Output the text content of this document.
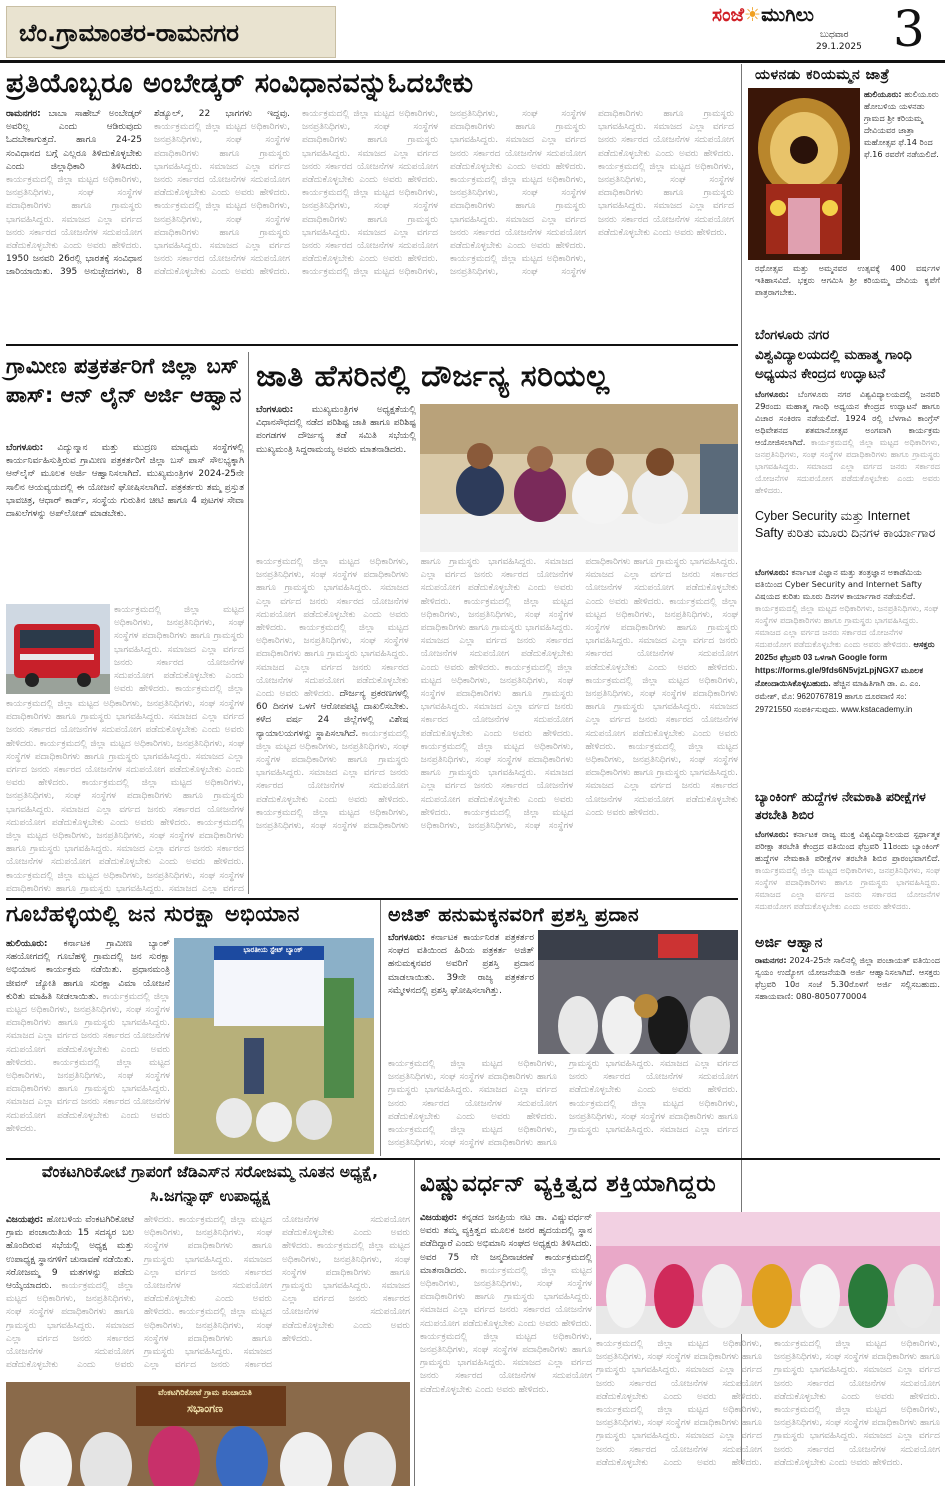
ಬೆಂ.ಗ್ರಾಮಾಂತರ-ರಾಮನಗರ
ಸಂಜೆ☀ಮುಗಿಲು
ಬುಧವಾರ
29.1.2025 3
ಪ್ರತಿಯೊಬ್ಬರೂ ಅಂಬೇಡ್ಕರ್ ಸಂವಿಧಾನವನ್ನುಓದಬೇಕು
ರಾಮನಗರ: ಬಾಬಾ ಸಾಹೇಬ್ ಅಂಬೇಡ್ಕರ್ ಅವರಿಲ್ಲ ಎಂದು ಆಡಿರುವುದು ಓದಬೇಕಾಗುತ್ತದೆ. ಹಾಗೂ 24-25 ಸಂವಿಧಾನದ ಬಗ್ಗೆ ಎಲ್ಲರೂ ತಿಳಿದುಕೊಳ್ಳಬೇಕು ಎಂದು ಜಿಲ್ಲಾಧಿಕಾರಿ ತಿಳಿಸಿದರು. ಕಾರ್ಯಕ್ರಮದಲ್ಲಿ ಜಿಲ್ಲಾ ಮಟ್ಟದ ಅಧಿಕಾರಿಗಳು, ಜನಪ್ರತಿನಿಧಿಗಳು, ಸಂಘ ಸಂಸ್ಥೆಗಳ ಪದಾಧಿಕಾರಿಗಳು ಹಾಗೂ ಗ್ರಾಮಸ್ಥರು ಭಾಗವಹಿಸಿದ್ದರು. ಸಮಾಜದ ಎಲ್ಲಾ ವರ್ಗದ ಜನರು ಸರ್ಕಾರದ ಯೋಜನೆಗಳ ಸದುಪಯೋಗ ಪಡೆದುಕೊಳ್ಳಬೇಕು ಎಂದು ಅವರು ಹೇಳಿದರು. 1950 ಜನವರಿ 26ರಲ್ಲಿ ಭಾರತಕ್ಕೆ ಸಂವಿಧಾನ ಜಾರಿಯಾಯಿತು. 395 ಅನುಚ್ಛೇದಗಳು, 8 ಶೆಡ್ಯೂಲ್, 22 ಭಾಗಗಳು ಇದ್ದವು. ಕಾರ್ಯಕ್ರಮದಲ್ಲಿ ಜಿಲ್ಲಾ ಮಟ್ಟದ ಅಧಿಕಾರಿಗಳು, ಜನಪ್ರತಿನಿಧಿಗಳು, ಸಂಘ ಸಂಸ್ಥೆಗಳ ಪದಾಧಿಕಾರಿಗಳು ಹಾಗೂ ಗ್ರಾಮಸ್ಥರು ಭಾಗವಹಿಸಿದ್ದರು. ಸಮಾಜದ ಎಲ್ಲಾ ವರ್ಗದ ಜನರು ಸರ್ಕಾರದ ಯೋಜನೆಗಳ ಸದುಪಯೋಗ ಪಡೆದುಕೊಳ್ಳಬೇಕು ಎಂದು ಅವರು ಹೇಳಿದರು. ಕಾರ್ಯಕ್ರಮದಲ್ಲಿ ಜಿಲ್ಲಾ ಮಟ್ಟದ ಅಧಿಕಾರಿಗಳು, ಜನಪ್ರತಿನಿಧಿಗಳು, ಸಂಘ ಸಂಸ್ಥೆಗಳ ಪದಾಧಿಕಾರಿಗಳು ಹಾಗೂ ಗ್ರಾಮಸ್ಥರು ಭಾಗವಹಿಸಿದ್ದರು. ಸಮಾಜದ ಎಲ್ಲಾ ವರ್ಗದ ಜನರು ಸರ್ಕಾರದ ಯೋಜನೆಗಳ ಸದುಪಯೋಗ ಪಡೆದುಕೊಳ್ಳಬೇಕು ಎಂದು ಅವರು ಹೇಳಿದರು. ಕಾರ್ಯಕ್ರಮದಲ್ಲಿ ಜಿಲ್ಲಾ ಮಟ್ಟದ ಅಧಿಕಾರಿಗಳು, ಜನಪ್ರತಿನಿಧಿಗಳು, ಸಂಘ ಸಂಸ್ಥೆಗಳ ಪದಾಧಿಕಾರಿಗಳು ಹಾಗೂ ಗ್ರಾಮಸ್ಥರು ಭಾಗವಹಿಸಿದ್ದರು. ಸಮಾಜದ ಎಲ್ಲಾ ವರ್ಗದ ಜನರು ಸರ್ಕಾರದ ಯೋಜನೆಗಳ ಸದುಪಯೋಗ ಪಡೆದುಕೊಳ್ಳಬೇಕು ಎಂದು ಅವರು ಹೇಳಿದರು. ಕಾರ್ಯಕ್ರಮದಲ್ಲಿ ಜಿಲ್ಲಾ ಮಟ್ಟದ ಅಧಿಕಾರಿಗಳು, ಜನಪ್ರತಿನಿಧಿಗಳು, ಸಂಘ ಸಂಸ್ಥೆಗಳ ಪದಾಧಿಕಾರಿಗಳು ಹಾಗೂ ಗ್ರಾಮಸ್ಥರು ಭಾಗವಹಿಸಿದ್ದರು. ಸಮಾಜದ ಎಲ್ಲಾ ವರ್ಗದ ಜನರು ಸರ್ಕಾರದ ಯೋಜನೆಗಳ ಸದುಪಯೋಗ ಪಡೆದುಕೊಳ್ಳಬೇಕು ಎಂದು ಅವರು ಹೇಳಿದರು. ಕಾರ್ಯಕ್ರಮದಲ್ಲಿ ಜಿಲ್ಲಾ ಮಟ್ಟದ ಅಧಿಕಾರಿಗಳು, ಜನಪ್ರತಿನಿಧಿಗಳು, ಸಂಘ ಸಂಸ್ಥೆಗಳ ಪದಾಧಿಕಾರಿಗಳು ಹಾಗೂ ಗ್ರಾಮಸ್ಥರು ಭಾಗವಹಿಸಿದ್ದರು. ಸಮಾಜದ ಎಲ್ಲಾ ವರ್ಗದ ಜನರು ಸರ್ಕಾರದ ಯೋಜನೆಗಳ ಸದುಪಯೋಗ ಪಡೆದುಕೊಳ್ಳಬೇಕು ಎಂದು ಅವರು ಹೇಳಿದರು. ಕಾರ್ಯಕ್ರಮದಲ್ಲಿ ಜಿಲ್ಲಾ ಮಟ್ಟದ ಅಧಿಕಾರಿಗಳು, ಜನಪ್ರತಿನಿಧಿಗಳು, ಸಂಘ ಸಂಸ್ಥೆಗಳ ಪದಾಧಿಕಾರಿಗಳು ಹಾಗೂ ಗ್ರಾಮಸ್ಥರು ಭಾಗವಹಿಸಿದ್ದರು. ಸಮಾಜದ ಎಲ್ಲಾ ವರ್ಗದ ಜನರು ಸರ್ಕಾರದ ಯೋಜನೆಗಳ ಸದುಪಯೋಗ ಪಡೆದುಕೊಳ್ಳಬೇಕು ಎಂದು ಅವರು ಹೇಳಿದರು. ಕಾರ್ಯಕ್ರಮದಲ್ಲಿ ಜಿಲ್ಲಾ ಮಟ್ಟದ ಅಧಿಕಾರಿಗಳು, ಜನಪ್ರತಿನಿಧಿಗಳು, ಸಂಘ ಸಂಸ್ಥೆಗಳ ಪದಾಧಿಕಾರಿಗಳು ಹಾಗೂ ಗ್ರಾಮಸ್ಥರು ಭಾಗವಹಿಸಿದ್ದರು. ಸಮಾಜದ ಎಲ್ಲಾ ವರ್ಗದ ಜನರು ಸರ್ಕಾರದ ಯೋಜನೆಗಳ ಸದುಪಯೋಗ ಪಡೆದುಕೊಳ್ಳಬೇಕು ಎಂದು ಅವರು ಹೇಳಿದರು. ಕಾರ್ಯಕ್ರಮದಲ್ಲಿ ಜಿಲ್ಲಾ ಮಟ್ಟದ ಅಧಿಕಾರಿಗಳು, ಜನಪ್ರತಿನಿಧಿಗಳು, ಸಂಘ ಸಂಸ್ಥೆಗಳ ಪದಾಧಿಕಾರಿಗಳು ಹಾಗೂ ಗ್ರಾಮಸ್ಥರು ಭಾಗವಹಿಸಿದ್ದರು. ಸಮಾಜದ ಎಲ್ಲಾ ವರ್ಗದ ಜನರು ಸರ್ಕಾರದ ಯೋಜನೆಗಳ ಸದುಪಯೋಗ ಪಡೆದುಕೊಳ್ಳಬೇಕು ಎಂದು ಅವರು ಹೇಳಿದರು.
ಯಳನಡು ಕರಿಯಮ್ಮನ ಜಾತ್ರೆ
ಹುಲಿಯೂರು: ಹುಲಿಯೂರು ಹೋಬಳಿಯ ಯಳನಡು ಗ್ರಾಮದ ಶ್ರೀ ಕರಿಯಮ್ಮ ದೇವಿಯವರ ಜಾತ್ರಾ ಮಹೋತ್ಸವ ಫೆ.14 ರಿಂದ ಫೆ.16 ರವರೆಗೆ ನಡೆಯಲಿದೆ.
ರಥೋತ್ಸವ ಮತ್ತು ಅಮ್ಮನವರ ಉತ್ಸವಕ್ಕೆ 400 ವರ್ಷಗಳ ಇತಿಹಾಸವಿದೆ. ಭಕ್ತರು ಆಗಮಿಸಿ ಶ್ರೀ ಕರಿಯಮ್ಮ ದೇವಿಯ ಕೃಪೆಗೆ ಪಾತ್ರರಾಗಬೇಕು.
ಬೆಂಗಳೂರು ನಗರ
ವಿಶ್ವವಿದ್ಯಾಲಯದಲ್ಲಿ ಮಹಾತ್ಮ ಗಾಂಧಿ ಅಧ್ಯಯನ ಕೇಂದ್ರದ ಉದ್ಘಾಟನೆ
ಬೆಂಗಳೂರು: ಬೆಂಗಳೂರು ನಗರ ವಿಶ್ವವಿದ್ಯಾಲಯದಲ್ಲಿ ಜನವರಿ 29ರಂದು ಮಹಾತ್ಮ ಗಾಂಧಿ ಅಧ್ಯಯನ ಕೇಂದ್ರದ ಉದ್ಘಾಟನೆ ಹಾಗೂ ವಿಚಾರ ಸಂಕಿರಣ ನಡೆಯಲಿದೆ. 1924 ರಲ್ಲಿ ಬೆಳಗಾವಿ ಕಾಂಗ್ರೆಸ್ ಅಧಿವೇಶನದ ಶತಮಾನೋತ್ಸವ ಅಂಗವಾಗಿ ಕಾರ್ಯಕ್ರಮ ಆಯೋಜಿಸಲಾಗಿದೆ. ಕಾರ್ಯಕ್ರಮದಲ್ಲಿ ಜಿಲ್ಲಾ ಮಟ್ಟದ ಅಧಿಕಾರಿಗಳು, ಜನಪ್ರತಿನಿಧಿಗಳು, ಸಂಘ ಸಂಸ್ಥೆಗಳ ಪದಾಧಿಕಾರಿಗಳು ಹಾಗೂ ಗ್ರಾಮಸ್ಥರು ಭಾಗವಹಿಸಿದ್ದರು. ಸಮಾಜದ ಎಲ್ಲಾ ವರ್ಗದ ಜನರು ಸರ್ಕಾರದ ಯೋಜನೆಗಳ ಸದುಪಯೋಗ ಪಡೆದುಕೊಳ್ಳಬೇಕು ಎಂದು ಅವರು ಹೇಳಿದರು.
Cyber Security ಮತ್ತು Internet Safty ಕುರಿತು ಮೂರು ದಿನಗಳ ಕಾರ್ಯಾಗಾರ
ಬೆಂಗಳೂರು: ಕರ್ನಾಟಕ ವಿಜ್ಞಾನ ಮತ್ತು ತಂತ್ರಜ್ಞಾನ ಅಕಾಡೆಮಿಯ ವತಿಯಿಂದ Cyber Security and Internet Safty ವಿಷಯದ ಕುರಿತು ಮೂರು ದಿನಗಳ ಕಾರ್ಯಾಗಾರ ನಡೆಯಲಿದೆ. ಕಾರ್ಯಕ್ರಮದಲ್ಲಿ ಜಿಲ್ಲಾ ಮಟ್ಟದ ಅಧಿಕಾರಿಗಳು, ಜನಪ್ರತಿನಿಧಿಗಳು, ಸಂಘ ಸಂಸ್ಥೆಗಳ ಪದಾಧಿಕಾರಿಗಳು ಹಾಗೂ ಗ್ರಾಮಸ್ಥರು ಭಾಗವಹಿಸಿದ್ದರು. ಸಮಾಜದ ಎಲ್ಲಾ ವರ್ಗದ ಜನರು ಸರ್ಕಾರದ ಯೋಜನೆಗಳ ಸದುಪಯೋಗ ಪಡೆದುಕೊಳ್ಳಬೇಕು ಎಂದು ಅವರು ಹೇಳಿದರು. ಆಸಕ್ತರು 2025ರ ಫೆಬ್ರವರಿ 03 ಒಳಗಾಗಿ Google form https://forms.gle/9fds6N5vjzLpjNGX7 ಮೂಲಕ ನೋಂದಾಯಿಸಿಕೊಳ್ಳಬಹುದು. ಹೆಚ್ಚಿನ ಮಾಹಿತಿಗಾಗಿ ಡಾ. ಎ. ಎಂ. ರಮೇಶ್, ಮೊ: 9620767819 ಹಾಗೂ ದೂರವಾಣಿ ಸಂ: 29721550 ಸಂಪರ್ಕಿಸುವುದು. www.kstacademy.in
ಬ್ಯಾಂಕಿಂಗ್ ಹುದ್ದೆಗಳ ನೇಮಕಾತಿ ಪರೀಕ್ಷೆಗಳ ತರಬೇತಿ ಶಿಬಿರ
ಬೆಂಗಳೂರು: ಕರ್ನಾಟಕ ರಾಜ್ಯ ಮುಕ್ತ ವಿಶ್ವವಿದ್ಯಾನಿಲಯದ ಸ್ಪರ್ಧಾತ್ಮಕ ಪರೀಕ್ಷಾ ತರಬೇತಿ ಕೇಂದ್ರದ ವತಿಯಿಂದ ಫೆಬ್ರವರಿ 11ರಂದು ಬ್ಯಾಂಕಿಂಗ್ ಹುದ್ದೆಗಳ ನೇಮಕಾತಿ ಪರೀಕ್ಷೆಗಳ ತರಬೇತಿ ಶಿಬಿರ ಪ್ರಾರಂಭವಾಗಲಿದೆ. ಕಾರ್ಯಕ್ರಮದಲ್ಲಿ ಜಿಲ್ಲಾ ಮಟ್ಟದ ಅಧಿಕಾರಿಗಳು, ಜನಪ್ರತಿನಿಧಿಗಳು, ಸಂಘ ಸಂಸ್ಥೆಗಳ ಪದಾಧಿಕಾರಿಗಳು ಹಾಗೂ ಗ್ರಾಮಸ್ಥರು ಭಾಗವಹಿಸಿದ್ದರು. ಸಮಾಜದ ಎಲ್ಲಾ ವರ್ಗದ ಜನರು ಸರ್ಕಾರದ ಯೋಜನೆಗಳ ಸದುಪಯೋಗ ಪಡೆದುಕೊಳ್ಳಬೇಕು ಎಂದು ಅವರು ಹೇಳಿದರು.
ಅರ್ಜಿ ಆಹ್ವಾನ
ರಾಮನಗರ: 2024-25ನೇ ಸಾಲಿನಲ್ಲಿ ಜಿಲ್ಲಾ ಪಂಚಾಯತ್ ವತಿಯಿಂದ ಸ್ವಯಂ ಉದ್ಯೋಗ ಯೋಜನೆಯಡಿ ಅರ್ಜಿ ಆಹ್ವಾನಿಸಲಾಗಿದೆ. ಆಸಕ್ತರು ಫೆಬ್ರವರಿ 10ರ ಸಂಜೆ 5.30ರೊಳಗೆ ಅರ್ಜಿ ಸಲ್ಲಿಸಬಹುದು. ಸಹಾಯವಾಣಿ: 080-8050770004
ಗ್ರಾಮೀಣ ಪತ್ರಕರ್ತರಿಗೆ ಜಿಲ್ಲಾ ಬಸ್ ಪಾಸ್: ಆನ್ ಲೈನ್ ಅರ್ಜಿ ಆಹ್ವಾನ
ಬೆಂಗಳೂರು: ವಿದ್ಯುನ್ಮಾನ ಮತ್ತು ಮುದ್ರಣ ಮಾಧ್ಯಮ ಸಂಸ್ಥೆಗಳಲ್ಲಿ ಕಾರ್ಯನಿರ್ವಹಿಸುತ್ತಿರುವ ಗ್ರಾಮೀಣ ಪತ್ರಕರ್ತರಿಗೆ ಜಿಲ್ಲಾ ಬಸ್ ಪಾಸ್ ಸೌಲಭ್ಯಕ್ಕಾಗಿ ಆನ್‌ಲೈನ್ ಮೂಲಕ ಅರ್ಜಿ ಆಹ್ವಾನಿಸಲಾಗಿದೆ. ಮುಖ್ಯಮಂತ್ರಿಗಳ 2024-25ನೇ ಸಾಲಿನ ಆಯವ್ಯಯದಲ್ಲಿ ಈ ಯೋಜನೆ ಘೋಷಿಸಲಾಗಿದೆ. ಪತ್ರಕರ್ತರು ತಮ್ಮ ಪ್ರಸ್ತುತ ಭಾವಚಿತ್ರ, ಆಧಾರ್ ಕಾರ್ಡ್, ಸಂಸ್ಥೆಯ ಗುರುತಿನ ಚೀಟಿ ಹಾಗೂ 4 ಪುಟಗಳ ಸೇವಾ ದಾಖಲೆಗಳನ್ನು ಅಪ್‌ಲೋಡ್ ಮಾಡಬೇಕು.
ಕಾರ್ಯಕ್ರಮದಲ್ಲಿ ಜಿಲ್ಲಾ ಮಟ್ಟದ ಅಧಿಕಾರಿಗಳು, ಜನಪ್ರತಿನಿಧಿಗಳು, ಸಂಘ ಸಂಸ್ಥೆಗಳ ಪದಾಧಿಕಾರಿಗಳು ಹಾಗೂ ಗ್ರಾಮಸ್ಥರು ಭಾಗವಹಿಸಿದ್ದರು. ಸಮಾಜದ ಎಲ್ಲಾ ವರ್ಗದ ಜನರು ಸರ್ಕಾರದ ಯೋಜನೆಗಳ ಸದುಪಯೋಗ ಪಡೆದುಕೊಳ್ಳಬೇಕು ಎಂದು ಅವರು ಹೇಳಿದರು. ಕಾರ್ಯಕ್ರಮದಲ್ಲಿ ಜಿಲ್ಲಾ
ಕಾರ್ಯಕ್ರಮದಲ್ಲಿ ಜಿಲ್ಲಾ ಮಟ್ಟದ ಅಧಿಕಾರಿಗಳು, ಜನಪ್ರತಿನಿಧಿಗಳು, ಸಂಘ ಸಂಸ್ಥೆಗಳ ಪದಾಧಿಕಾರಿಗಳು ಹಾಗೂ ಗ್ರಾಮಸ್ಥರು ಭಾಗವಹಿಸಿದ್ದರು. ಸಮಾಜದ ಎಲ್ಲಾ ವರ್ಗದ ಜನರು ಸರ್ಕಾರದ ಯೋಜನೆಗಳ ಸದುಪಯೋಗ ಪಡೆದುಕೊಳ್ಳಬೇಕು ಎಂದು ಅವರು ಹೇಳಿದರು. ಕಾರ್ಯಕ್ರಮದಲ್ಲಿ ಜಿಲ್ಲಾ ಮಟ್ಟದ ಅಧಿಕಾರಿಗಳು, ಜನಪ್ರತಿನಿಧಿಗಳು, ಸಂಘ ಸಂಸ್ಥೆಗಳ ಪದಾಧಿಕಾರಿಗಳು ಹಾಗೂ ಗ್ರಾಮಸ್ಥರು ಭಾಗವಹಿಸಿದ್ದರು. ಸಮಾಜದ ಎಲ್ಲಾ ವರ್ಗದ ಜನರು ಸರ್ಕಾರದ ಯೋಜನೆಗಳ ಸದುಪಯೋಗ ಪಡೆದುಕೊಳ್ಳಬೇಕು ಎಂದು ಅವರು ಹೇಳಿದರು. ಕಾರ್ಯಕ್ರಮದಲ್ಲಿ ಜಿಲ್ಲಾ ಮಟ್ಟದ ಅಧಿಕಾರಿಗಳು, ಜನಪ್ರತಿನಿಧಿಗಳು, ಸಂಘ ಸಂಸ್ಥೆಗಳ ಪದಾಧಿಕಾರಿಗಳು ಹಾಗೂ ಗ್ರಾಮಸ್ಥರು ಭಾಗವಹಿಸಿದ್ದರು. ಸಮಾಜದ ಎಲ್ಲಾ ವರ್ಗದ ಜನರು ಸರ್ಕಾರದ ಯೋಜನೆಗಳ ಸದುಪಯೋಗ ಪಡೆದುಕೊಳ್ಳಬೇಕು ಎಂದು ಅವರು ಹೇಳಿದರು. ಕಾರ್ಯಕ್ರಮದಲ್ಲಿ ಜಿಲ್ಲಾ ಮಟ್ಟದ ಅಧಿಕಾರಿಗಳು, ಜನಪ್ರತಿನಿಧಿಗಳು, ಸಂಘ ಸಂಸ್ಥೆಗಳ ಪದಾಧಿಕಾರಿಗಳು ಹಾಗೂ ಗ್ರಾಮಸ್ಥರು ಭಾಗವಹಿಸಿದ್ದರು. ಸಮಾಜದ ಎಲ್ಲಾ ವರ್ಗದ ಜನರು ಸರ್ಕಾರದ ಯೋಜನೆಗಳ ಸದುಪಯೋಗ ಪಡೆದುಕೊಳ್ಳಬೇಕು ಎಂದು ಅವರು ಹೇಳಿದರು. ಕಾರ್ಯಕ್ರಮದಲ್ಲಿ ಜಿಲ್ಲಾ ಮಟ್ಟದ ಅಧಿಕಾರಿಗಳು, ಜನಪ್ರತಿನಿಧಿಗಳು, ಸಂಘ ಸಂಸ್ಥೆಗಳ ಪದಾಧಿಕಾರಿಗಳು ಹಾಗೂ ಗ್ರಾಮಸ್ಥರು ಭಾಗವಹಿಸಿದ್ದರು. ಸಮಾಜದ ಎಲ್ಲಾ ವರ್ಗದ
ಜಾತಿ ಹೆಸರಿನಲ್ಲಿ ದೌರ್ಜನ್ಯ ಸರಿಯಲ್ಲ
ಬೆಂಗಳೂರು: ಮುಖ್ಯಮಂತ್ರಿಗಳ ಅಧ್ಯಕ್ಷತೆಯಲ್ಲಿ ವಿಧಾನಸೌಧದಲ್ಲಿ ನಡೆದ ಪರಿಶಿಷ್ಟ ಜಾತಿ ಹಾಗೂ ಪರಿಶಿಷ್ಟ ಪಂಗಡಗಳ ದೌರ್ಜನ್ಯ ತಡೆ ಸಮಿತಿ ಸಭೆಯಲ್ಲಿ ಮುಖ್ಯಮಂತ್ರಿ ಸಿದ್ದರಾಮಯ್ಯ ಅವರು ಮಾತನಾಡಿದರು.
ಕಾರ್ಯಕ್ರಮದಲ್ಲಿ ಜಿಲ್ಲಾ ಮಟ್ಟದ ಅಧಿಕಾರಿಗಳು, ಜನಪ್ರತಿನಿಧಿಗಳು, ಸಂಘ ಸಂಸ್ಥೆಗಳ ಪದಾಧಿಕಾರಿಗಳು ಹಾಗೂ ಗ್ರಾಮಸ್ಥರು ಭಾಗವಹಿಸಿದ್ದರು. ಸಮಾಜದ ಎಲ್ಲಾ ವರ್ಗದ ಜನರು ಸರ್ಕಾರದ ಯೋಜನೆಗಳ ಸದುಪಯೋಗ ಪಡೆದುಕೊಳ್ಳಬೇಕು ಎಂದು ಅವರು ಹೇಳಿದರು. ಕಾರ್ಯಕ್ರಮದಲ್ಲಿ ಜಿಲ್ಲಾ ಮಟ್ಟದ ಅಧಿಕಾರಿಗಳು, ಜನಪ್ರತಿನಿಧಿಗಳು, ಸಂಘ ಸಂಸ್ಥೆಗಳ ಪದಾಧಿಕಾರಿಗಳು ಹಾಗೂ ಗ್ರಾಮಸ್ಥರು ಭಾಗವಹಿಸಿದ್ದರು. ಸಮಾಜದ ಎಲ್ಲಾ ವರ್ಗದ ಜನರು ಸರ್ಕಾರದ ಯೋಜನೆಗಳ ಸದುಪಯೋಗ ಪಡೆದುಕೊಳ್ಳಬೇಕು ಎಂದು ಅವರು ಹೇಳಿದರು. ದೌರ್ಜನ್ಯ ಪ್ರಕರಣಗಳಲ್ಲಿ 60 ದಿನಗಳ ಒಳಗೆ ಆರೋಪಪಟ್ಟಿ ದಾಖಲಿಸಬೇಕು. ಕಳೆದ ವರ್ಷ 24 ಜಿಲ್ಲೆಗಳಲ್ಲಿ ವಿಶೇಷ ನ್ಯಾಯಾಲಯಗಳನ್ನು ಸ್ಥಾಪಿಸಲಾಗಿದೆ. ಕಾರ್ಯಕ್ರಮದಲ್ಲಿ ಜಿಲ್ಲಾ ಮಟ್ಟದ ಅಧಿಕಾರಿಗಳು, ಜನಪ್ರತಿನಿಧಿಗಳು, ಸಂಘ ಸಂಸ್ಥೆಗಳ ಪದಾಧಿಕಾರಿಗಳು ಹಾಗೂ ಗ್ರಾಮಸ್ಥರು ಭಾಗವಹಿಸಿದ್ದರು. ಸಮಾಜದ ಎಲ್ಲಾ ವರ್ಗದ ಜನರು ಸರ್ಕಾರದ ಯೋಜನೆಗಳ ಸದುಪಯೋಗ ಪಡೆದುಕೊಳ್ಳಬೇಕು ಎಂದು ಅವರು ಹೇಳಿದರು. ಕಾರ್ಯಕ್ರಮದಲ್ಲಿ ಜಿಲ್ಲಾ ಮಟ್ಟದ ಅಧಿಕಾರಿಗಳು, ಜನಪ್ರತಿನಿಧಿಗಳು, ಸಂಘ ಸಂಸ್ಥೆಗಳ ಪದಾಧಿಕಾರಿಗಳು ಹಾಗೂ ಗ್ರಾಮಸ್ಥರು ಭಾಗವಹಿಸಿದ್ದರು. ಸಮಾಜದ ಎಲ್ಲಾ ವರ್ಗದ ಜನರು ಸರ್ಕಾರದ ಯೋಜನೆಗಳ ಸದುಪಯೋಗ ಪಡೆದುಕೊಳ್ಳಬೇಕು ಎಂದು ಅವರು ಹೇಳಿದರು. ಕಾರ್ಯಕ್ರಮದಲ್ಲಿ ಜಿಲ್ಲಾ ಮಟ್ಟದ ಅಧಿಕಾರಿಗಳು, ಜನಪ್ರತಿನಿಧಿಗಳು, ಸಂಘ ಸಂಸ್ಥೆಗಳ ಪದಾಧಿಕಾರಿಗಳು ಹಾಗೂ ಗ್ರಾಮಸ್ಥರು ಭಾಗವಹಿಸಿದ್ದರು. ಸಮಾಜದ ಎಲ್ಲಾ ವರ್ಗದ ಜನರು ಸರ್ಕಾರದ ಯೋಜನೆಗಳ ಸದುಪಯೋಗ ಪಡೆದುಕೊಳ್ಳಬೇಕು ಎಂದು ಅವರು ಹೇಳಿದರು. ಕಾರ್ಯಕ್ರಮದಲ್ಲಿ ಜಿಲ್ಲಾ ಮಟ್ಟದ ಅಧಿಕಾರಿಗಳು, ಜನಪ್ರತಿನಿಧಿಗಳು, ಸಂಘ ಸಂಸ್ಥೆಗಳ ಪದಾಧಿಕಾರಿಗಳು ಹಾಗೂ ಗ್ರಾಮಸ್ಥರು ಭಾಗವಹಿಸಿದ್ದರು. ಸಮಾಜದ ಎಲ್ಲಾ ವರ್ಗದ ಜನರು ಸರ್ಕಾರದ ಯೋಜನೆಗಳ ಸದುಪಯೋಗ ಪಡೆದುಕೊಳ್ಳಬೇಕು ಎಂದು ಅವರು ಹೇಳಿದರು. ಕಾರ್ಯಕ್ರಮದಲ್ಲಿ ಜಿಲ್ಲಾ ಮಟ್ಟದ ಅಧಿಕಾರಿಗಳು, ಜನಪ್ರತಿನಿಧಿಗಳು, ಸಂಘ ಸಂಸ್ಥೆಗಳ ಪದಾಧಿಕಾರಿಗಳು ಹಾಗೂ ಗ್ರಾಮಸ್ಥರು ಭಾಗವಹಿಸಿದ್ದರು. ಸಮಾಜದ ಎಲ್ಲಾ ವರ್ಗದ ಜನರು ಸರ್ಕಾರದ ಯೋಜನೆಗಳ ಸದುಪಯೋಗ ಪಡೆದುಕೊಳ್ಳಬೇಕು ಎಂದು ಅವರು ಹೇಳಿದರು. ಕಾರ್ಯಕ್ರಮದಲ್ಲಿ ಜಿಲ್ಲಾ ಮಟ್ಟದ ಅಧಿಕಾರಿಗಳು, ಜನಪ್ರತಿನಿಧಿಗಳು, ಸಂಘ ಸಂಸ್ಥೆಗಳ ಪದಾಧಿಕಾರಿಗಳು ಹಾಗೂ ಗ್ರಾಮಸ್ಥರು ಭಾಗವಹಿಸಿದ್ದರು. ಸಮಾಜದ ಎಲ್ಲಾ ವರ್ಗದ ಜನರು ಸರ್ಕಾರದ ಯೋಜನೆಗಳ ಸದುಪಯೋಗ ಪಡೆದುಕೊಳ್ಳಬೇಕು ಎಂದು ಅವರು ಹೇಳಿದರು. ಕಾರ್ಯಕ್ರಮದಲ್ಲಿ ಜಿಲ್ಲಾ ಮಟ್ಟದ ಅಧಿಕಾರಿಗಳು, ಜನಪ್ರತಿನಿಧಿಗಳು, ಸಂಘ ಸಂಸ್ಥೆಗಳ ಪದಾಧಿಕಾರಿಗಳು ಹಾಗೂ ಗ್ರಾಮಸ್ಥರು ಭಾಗವಹಿಸಿದ್ದರು. ಸಮಾಜದ ಎಲ್ಲಾ ವರ್ಗದ ಜನರು ಸರ್ಕಾರದ ಯೋಜನೆಗಳ ಸದುಪಯೋಗ ಪಡೆದುಕೊಳ್ಳಬೇಕು ಎಂದು ಅವರು ಹೇಳಿದರು. ಕಾರ್ಯಕ್ರಮದಲ್ಲಿ ಜಿಲ್ಲಾ ಮಟ್ಟದ ಅಧಿಕಾರಿಗಳು, ಜನಪ್ರತಿನಿಧಿಗಳು, ಸಂಘ ಸಂಸ್ಥೆಗಳ ಪದಾಧಿಕಾರಿಗಳು ಹಾಗೂ ಗ್ರಾಮಸ್ಥರು ಭಾಗವಹಿಸಿದ್ದರು. ಸಮಾಜದ ಎಲ್ಲಾ ವರ್ಗದ ಜನರು ಸರ್ಕಾರದ ಯೋಜನೆಗಳ ಸದುಪಯೋಗ ಪಡೆದುಕೊಳ್ಳಬೇಕು ಎಂದು ಅವರು ಹೇಳಿದರು. ಕಾರ್ಯಕ್ರಮದಲ್ಲಿ ಜಿಲ್ಲಾ ಮಟ್ಟದ ಅಧಿಕಾರಿಗಳು, ಜನಪ್ರತಿನಿಧಿಗಳು, ಸಂಘ ಸಂಸ್ಥೆಗಳ ಪದಾಧಿಕಾರಿಗಳು ಹಾಗೂ ಗ್ರಾಮಸ್ಥರು ಭಾಗವಹಿಸಿದ್ದರು. ಸಮಾಜದ ಎಲ್ಲಾ ವರ್ಗದ ಜನರು ಸರ್ಕಾರದ ಯೋಜನೆಗಳ ಸದುಪಯೋಗ ಪಡೆದುಕೊಳ್ಳಬೇಕು ಎಂದು ಅವರು ಹೇಳಿದರು.
ಗೂಬೆಹಳ್ಳಿಯಲ್ಲಿ ಜನ ಸುರಕ್ಷಾ ಅಭಿಯಾನ
ಹುಲಿಯೂರು: ಕರ್ನಾಟಕ ಗ್ರಾಮೀಣ ಬ್ಯಾಂಕ್ ಸಹಯೋಗದಲ್ಲಿ ಗೂಬೆಹಳ್ಳಿ ಗ್ರಾಮದಲ್ಲಿ ಜನ ಸುರಕ್ಷಾ ಅಭಿಯಾನ ಕಾರ್ಯಕ್ರಮ ನಡೆಯಿತು. ಪ್ರಧಾನಮಂತ್ರಿ ಜೀವನ್ ಜ್ಯೋತಿ ಹಾಗೂ ಸುರಕ್ಷಾ ವಿಮಾ ಯೋಜನೆ ಕುರಿತು ಮಾಹಿತಿ ನೀಡಲಾಯಿತು. ಕಾರ್ಯಕ್ರಮದಲ್ಲಿ ಜಿಲ್ಲಾ ಮಟ್ಟದ ಅಧಿಕಾರಿಗಳು, ಜನಪ್ರತಿನಿಧಿಗಳು, ಸಂಘ ಸಂಸ್ಥೆಗಳ ಪದಾಧಿಕಾರಿಗಳು ಹಾಗೂ ಗ್ರಾಮಸ್ಥರು ಭಾಗವಹಿಸಿದ್ದರು. ಸಮಾಜದ ಎಲ್ಲಾ ವರ್ಗದ ಜನರು ಸರ್ಕಾರದ ಯೋಜನೆಗಳ ಸದುಪಯೋಗ ಪಡೆದುಕೊಳ್ಳಬೇಕು ಎಂದು ಅವರು ಹೇಳಿದರು. ಕಾರ್ಯಕ್ರಮದಲ್ಲಿ ಜಿಲ್ಲಾ ಮಟ್ಟದ ಅಧಿಕಾರಿಗಳು, ಜನಪ್ರತಿನಿಧಿಗಳು, ಸಂಘ ಸಂಸ್ಥೆಗಳ ಪದಾಧಿಕಾರಿಗಳು ಹಾಗೂ ಗ್ರಾಮಸ್ಥರು ಭಾಗವಹಿಸಿದ್ದರು. ಸಮಾಜದ ಎಲ್ಲಾ ವರ್ಗದ ಜನರು ಸರ್ಕಾರದ ಯೋಜನೆಗಳ ಸದುಪಯೋಗ ಪಡೆದುಕೊಳ್ಳಬೇಕು ಎಂದು ಅವರು ಹೇಳಿದರು.
ಭಾರತೀಯ ಸ್ಟೇಟ್ ಬ್ಯಾಂಕ್
ಅಜಿತ್ ಹನುಮಕ್ಕನವರಿಗೆ ಪ್ರಶಸ್ತಿ ಪ್ರದಾನ
ಬೆಂಗಳೂರು: ಕರ್ನಾಟಕ ಕಾರ್ಯನಿರತ ಪತ್ರಕರ್ತರ ಸಂಘದ ವತಿಯಿಂದ ಹಿರಿಯ ಪತ್ರಕರ್ತ ಅಜಿತ್ ಹನುಮಕ್ಕನವರ ಅವರಿಗೆ ಪ್ರಶಸ್ತಿ ಪ್ರದಾನ ಮಾಡಲಾಯಿತು. 39ನೇ ರಾಜ್ಯ ಪತ್ರಕರ್ತರ ಸಮ್ಮೇಳನದಲ್ಲಿ ಪ್ರಶಸ್ತಿ ಘೋಷಿಸಲಾಗಿತ್ತು.
ಕಾರ್ಯಕ್ರಮದಲ್ಲಿ ಜಿಲ್ಲಾ ಮಟ್ಟದ ಅಧಿಕಾರಿಗಳು, ಜನಪ್ರತಿನಿಧಿಗಳು, ಸಂಘ ಸಂಸ್ಥೆಗಳ ಪದಾಧಿಕಾರಿಗಳು ಹಾಗೂ ಗ್ರಾಮಸ್ಥರು ಭಾಗವಹಿಸಿದ್ದರು. ಸಮಾಜದ ಎಲ್ಲಾ ವರ್ಗದ ಜನರು ಸರ್ಕಾರದ ಯೋಜನೆಗಳ ಸದುಪಯೋಗ ಪಡೆದುಕೊಳ್ಳಬೇಕು ಎಂದು ಅವರು ಹೇಳಿದರು. ಕಾರ್ಯಕ್ರಮದಲ್ಲಿ ಜಿಲ್ಲಾ ಮಟ್ಟದ ಅಧಿಕಾರಿಗಳು, ಜನಪ್ರತಿನಿಧಿಗಳು, ಸಂಘ ಸಂಸ್ಥೆಗಳ ಪದಾಧಿಕಾರಿಗಳು ಹಾಗೂ ಗ್ರಾಮಸ್ಥರು ಭಾಗವಹಿಸಿದ್ದರು. ಸಮಾಜದ ಎಲ್ಲಾ ವರ್ಗದ ಜನರು ಸರ್ಕಾರದ ಯೋಜನೆಗಳ ಸದುಪಯೋಗ ಪಡೆದುಕೊಳ್ಳಬೇಕು ಎಂದು ಅವರು ಹೇಳಿದರು. ಕಾರ್ಯಕ್ರಮದಲ್ಲಿ ಜಿಲ್ಲಾ ಮಟ್ಟದ ಅಧಿಕಾರಿಗಳು, ಜನಪ್ರತಿನಿಧಿಗಳು, ಸಂಘ ಸಂಸ್ಥೆಗಳ ಪದಾಧಿಕಾರಿಗಳು ಹಾಗೂ ಗ್ರಾಮಸ್ಥರು ಭಾಗವಹಿಸಿದ್ದರು. ಸಮಾಜದ ಎಲ್ಲಾ ವರ್ಗದ
ವೆಂಕಟಗಿರಿಕೋಟೆ ಗ್ರಾಪಂಗೆ ಜೆಡಿಎಸ್‌ನ ಸರೋಜಮ್ಮ ನೂತನ ಅಧ್ಯಕ್ಷೆ, ಸಿ.ಜಗನ್ನಾಥ್ ಉಪಾಧ್ಯಕ್ಷ
ವಿಜಯಪುರ: ಹೋಬಳಿಯ ವೆಂಕಟಗಿರಿಕೋಟೆ ಗ್ರಾಮ ಪಂಚಾಯಿತಿಯ 15 ಸದಸ್ಯರ ಬಲ ಹೊಂದಿರುವ ಸಭೆಯಲ್ಲಿ ಅಧ್ಯಕ್ಷ ಮತ್ತು ಉಪಾಧ್ಯಕ್ಷ ಸ್ಥಾನಗಳಿಗೆ ಚುನಾವಣೆ ನಡೆಯಿತು. ಸರೋಜಮ್ಮ 9 ಮತಗಳನ್ನು ಪಡೆದು ಆಯ್ಕೆಯಾದರು. ಕಾರ್ಯಕ್ರಮದಲ್ಲಿ ಜಿಲ್ಲಾ ಮಟ್ಟದ ಅಧಿಕಾರಿಗಳು, ಜನಪ್ರತಿನಿಧಿಗಳು, ಸಂಘ ಸಂಸ್ಥೆಗಳ ಪದಾಧಿಕಾರಿಗಳು ಹಾಗೂ ಗ್ರಾಮಸ್ಥರು ಭಾಗವಹಿಸಿದ್ದರು. ಸಮಾಜದ ಎಲ್ಲಾ ವರ್ಗದ ಜನರು ಸರ್ಕಾರದ ಯೋಜನೆಗಳ ಸದುಪಯೋಗ ಪಡೆದುಕೊಳ್ಳಬೇಕು ಎಂದು ಅವರು ಹೇಳಿದರು. ಕಾರ್ಯಕ್ರಮದಲ್ಲಿ ಜಿಲ್ಲಾ ಮಟ್ಟದ ಅಧಿಕಾರಿಗಳು, ಜನಪ್ರತಿನಿಧಿಗಳು, ಸಂಘ ಸಂಸ್ಥೆಗಳ ಪದಾಧಿಕಾರಿಗಳು ಹಾಗೂ ಗ್ರಾಮಸ್ಥರು ಭಾಗವಹಿಸಿದ್ದರು. ಸಮಾಜದ ಎಲ್ಲಾ ವರ್ಗದ ಜನರು ಸರ್ಕಾರದ ಯೋಜನೆಗಳ ಸದುಪಯೋಗ ಪಡೆದುಕೊಳ್ಳಬೇಕು ಎಂದು ಅವರು ಹೇಳಿದರು. ಕಾರ್ಯಕ್ರಮದಲ್ಲಿ ಜಿಲ್ಲಾ ಮಟ್ಟದ ಅಧಿಕಾರಿಗಳು, ಜನಪ್ರತಿನಿಧಿಗಳು, ಸಂಘ ಸಂಸ್ಥೆಗಳ ಪದಾಧಿಕಾರಿಗಳು ಹಾಗೂ ಗ್ರಾಮಸ್ಥರು ಭಾಗವಹಿಸಿದ್ದರು. ಸಮಾಜದ ಎಲ್ಲಾ ವರ್ಗದ ಜನರು ಸರ್ಕಾರದ ಯೋಜನೆಗಳ ಸದುಪಯೋಗ ಪಡೆದುಕೊಳ್ಳಬೇಕು ಎಂದು ಅವರು ಹೇಳಿದರು. ಕಾರ್ಯಕ್ರಮದಲ್ಲಿ ಜಿಲ್ಲಾ ಮಟ್ಟದ ಅಧಿಕಾರಿಗಳು, ಜನಪ್ರತಿನಿಧಿಗಳು, ಸಂಘ ಸಂಸ್ಥೆಗಳ ಪದಾಧಿಕಾರಿಗಳು ಹಾಗೂ ಗ್ರಾಮಸ್ಥರು ಭಾಗವಹಿಸಿದ್ದರು. ಸಮಾಜದ ಎಲ್ಲಾ ವರ್ಗದ ಜನರು ಸರ್ಕಾರದ ಯೋಜನೆಗಳ ಸದುಪಯೋಗ ಪಡೆದುಕೊಳ್ಳಬೇಕು ಎಂದು ಅವರು ಹೇಳಿದರು.
ವೆಂಕಟಗಿರಿಕೋಟೆ ಗ್ರಾಮ ಪಂಚಾಯಿತಿ
ಸಭಾಂಗಣ
ವಿಷ್ಣುವರ್ಧನ್ ವ್ಯಕ್ತಿತ್ವದ ಶಕ್ತಿಯಾಗಿದ್ದರು
ವಿಜಯಪುರ: ಕನ್ನಡದ ಜನಪ್ರಿಯ ನಟ ಡಾ. ವಿಷ್ಣುವರ್ಧನ್ ಅವರು ತಮ್ಮ ವ್ಯಕ್ತಿತ್ವದ ಮೂಲಕ ಜನರ ಹೃದಯದಲ್ಲಿ ಸ್ಥಾನ ಪಡೆದಿದ್ದಾರೆ ಎಂದು ಅಭಿಮಾನಿ ಸಂಘದ ಅಧ್ಯಕ್ಷರು ತಿಳಿಸಿದರು. ಅವರ 75 ನೇ ಜನ್ಮದಿನಾಚರಣೆ ಕಾರ್ಯಕ್ರಮದಲ್ಲಿ ಮಾತನಾಡಿದರು. ಕಾರ್ಯಕ್ರಮದಲ್ಲಿ ಜಿಲ್ಲಾ ಮಟ್ಟದ ಅಧಿಕಾರಿಗಳು, ಜನಪ್ರತಿನಿಧಿಗಳು, ಸಂಘ ಸಂಸ್ಥೆಗಳ ಪದಾಧಿಕಾರಿಗಳು ಹಾಗೂ ಗ್ರಾಮಸ್ಥರು ಭಾಗವಹಿಸಿದ್ದರು. ಸಮಾಜದ ಎಲ್ಲಾ ವರ್ಗದ ಜನರು ಸರ್ಕಾರದ ಯೋಜನೆಗಳ ಸದುಪಯೋಗ ಪಡೆದುಕೊಳ್ಳಬೇಕು ಎಂದು ಅವರು ಹೇಳಿದರು. ಕಾರ್ಯಕ್ರಮದಲ್ಲಿ ಜಿಲ್ಲಾ ಮಟ್ಟದ ಅಧಿಕಾರಿಗಳು, ಜನಪ್ರತಿನಿಧಿಗಳು, ಸಂಘ ಸಂಸ್ಥೆಗಳ ಪದಾಧಿಕಾರಿಗಳು ಹಾಗೂ ಗ್ರಾಮಸ್ಥರು ಭಾಗವಹಿಸಿದ್ದರು. ಸಮಾಜದ ಎಲ್ಲಾ ವರ್ಗದ ಜನರು ಸರ್ಕಾರದ ಯೋಜನೆಗಳ ಸದುಪಯೋಗ ಪಡೆದುಕೊಳ್ಳಬೇಕು ಎಂದು ಅವರು ಹೇಳಿದರು.
ಕಾರ್ಯಕ್ರಮದಲ್ಲಿ ಜಿಲ್ಲಾ ಮಟ್ಟದ ಅಧಿಕಾರಿಗಳು, ಜನಪ್ರತಿನಿಧಿಗಳು, ಸಂಘ ಸಂಸ್ಥೆಗಳ ಪದಾಧಿಕಾರಿಗಳು ಹಾಗೂ ಗ್ರಾಮಸ್ಥರು ಭಾಗವಹಿಸಿದ್ದರು. ಸಮಾಜದ ಎಲ್ಲಾ ವರ್ಗದ ಜನರು ಸರ್ಕಾರದ ಯೋಜನೆಗಳ ಸದುಪಯೋಗ ಪಡೆದುಕೊಳ್ಳಬೇಕು ಎಂದು ಅವರು ಹೇಳಿದರು. ಕಾರ್ಯಕ್ರಮದಲ್ಲಿ ಜಿಲ್ಲಾ ಮಟ್ಟದ ಅಧಿಕಾರಿಗಳು, ಜನಪ್ರತಿನಿಧಿಗಳು, ಸಂಘ ಸಂಸ್ಥೆಗಳ ಪದಾಧಿಕಾರಿಗಳು ಹಾಗೂ ಗ್ರಾಮಸ್ಥರು ಭಾಗವಹಿಸಿದ್ದರು. ಸಮಾಜದ ಎಲ್ಲಾ ವರ್ಗದ ಜನರು ಸರ್ಕಾರದ ಯೋಜನೆಗಳ ಸದುಪಯೋಗ ಪಡೆದುಕೊಳ್ಳಬೇಕು ಎಂದು ಅವರು ಹೇಳಿದರು. ಕಾರ್ಯಕ್ರಮದಲ್ಲಿ ಜಿಲ್ಲಾ ಮಟ್ಟದ ಅಧಿಕಾರಿಗಳು, ಜನಪ್ರತಿನಿಧಿಗಳು, ಸಂಘ ಸಂಸ್ಥೆಗಳ ಪದಾಧಿಕಾರಿಗಳು ಹಾಗೂ ಗ್ರಾಮಸ್ಥರು ಭಾಗವಹಿಸಿದ್ದರು. ಸಮಾಜದ ಎಲ್ಲಾ ವರ್ಗದ ಜನರು ಸರ್ಕಾರದ ಯೋಜನೆಗಳ ಸದುಪಯೋಗ ಪಡೆದುಕೊಳ್ಳಬೇಕು ಎಂದು ಅವರು ಹೇಳಿದರು. ಕಾರ್ಯಕ್ರಮದಲ್ಲಿ ಜಿಲ್ಲಾ ಮಟ್ಟದ ಅಧಿಕಾರಿಗಳು, ಜನಪ್ರತಿನಿಧಿಗಳು, ಸಂಘ ಸಂಸ್ಥೆಗಳ ಪದಾಧಿಕಾರಿಗಳು ಹಾಗೂ ಗ್ರಾಮಸ್ಥರು ಭಾಗವಹಿಸಿದ್ದರು. ಸಮಾಜದ ಎಲ್ಲಾ ವರ್ಗದ ಜನರು ಸರ್ಕಾರದ ಯೋಜನೆಗಳ ಸದುಪಯೋಗ ಪಡೆದುಕೊಳ್ಳಬೇಕು ಎಂದು ಅವರು ಹೇಳಿದರು.
